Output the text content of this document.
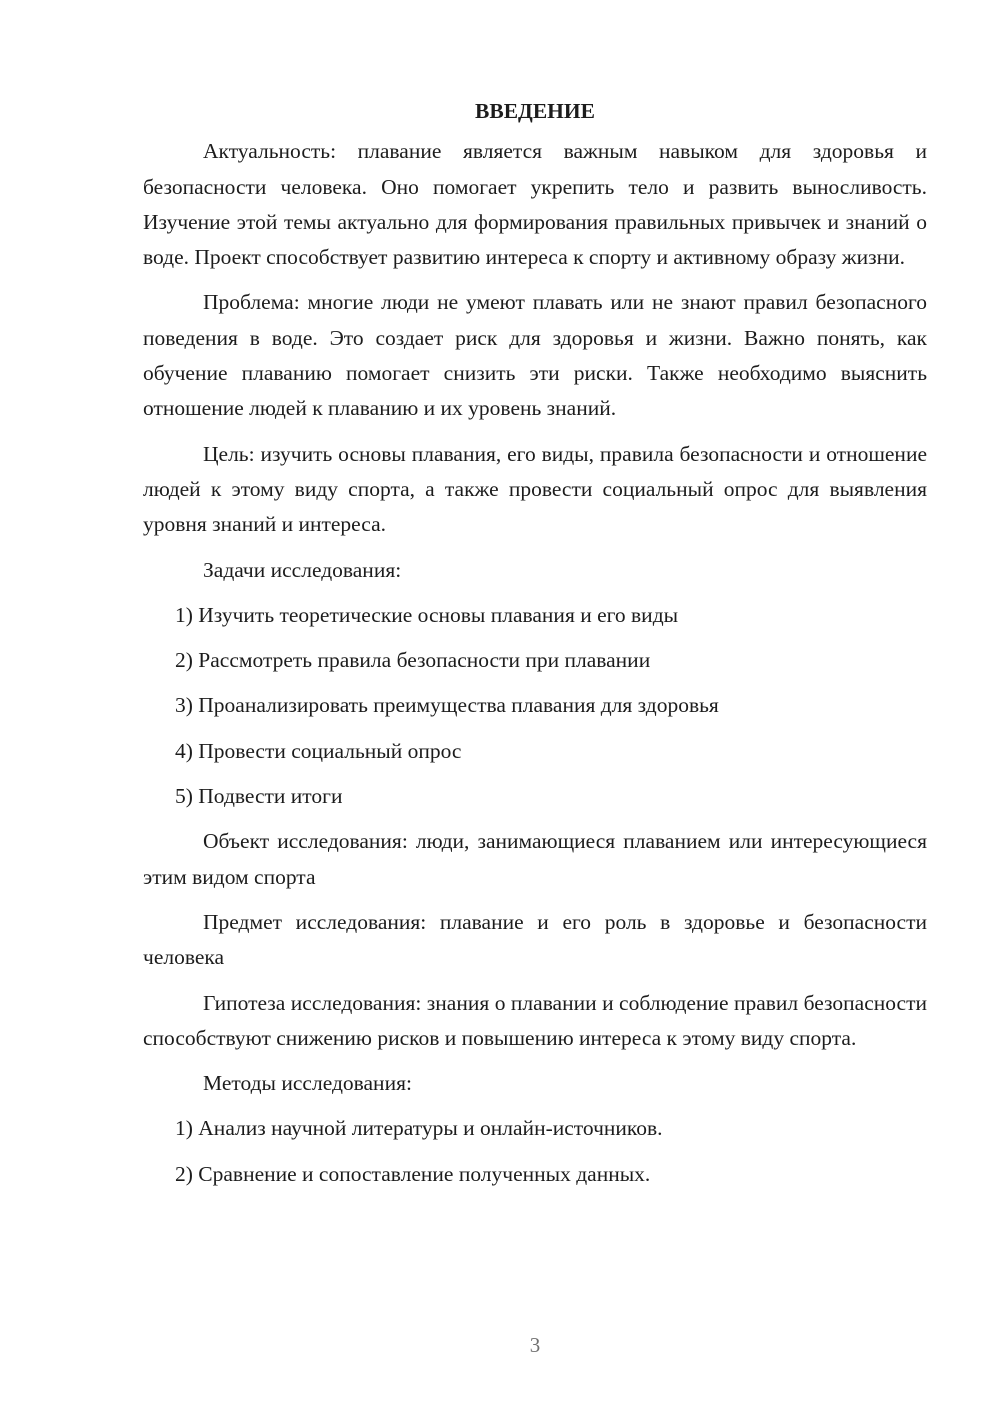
ВВЕДЕНИЕ

Актуальность: плавание является важным навыком для здоровья и безопасности человека. Оно помогает укрепить тело и развить выносливость. Изучение этой темы актуально для формирования правильных привычек и знаний о воде. Проект способствует развитию интереса к спорту и активному образу жизни.

Проблема: многие люди не умеют плавать или не знают правил безопасного поведения в воде. Это создает риск для здоровья и жизни. Важно понять, как обучение плаванию помогает снизить эти риски. Также необходимо выяснить отношение людей к плаванию и их уровень знаний.

Цель: изучить основы плавания, его виды, правила безопасности и отношение людей к этому виду спорта, а также провести социальный опрос для выявления уровня знаний и интереса.

Задачи исследования:

1) Изучить теоретические основы плавания и его виды

2) Рассмотреть правила безопасности при плавании

3) Проанализировать преимущества плавания для здоровья

4) Провести социальный опрос

5) Подвести итоги

Объект исследования: люди, занимающиеся плаванием или интересующиеся этим видом спорта

Предмет исследования: плавание и его роль в здоровье и безопасности человека

Гипотеза исследования: знания о плавании и соблюдение правил безопасности способствуют снижению рисков и повышению интереса к этому виду спорта.

Методы исследования:

1) Анализ научной литературы и онлайн-источников.

2) Сравнение и сопоставление полученных данных.

3
